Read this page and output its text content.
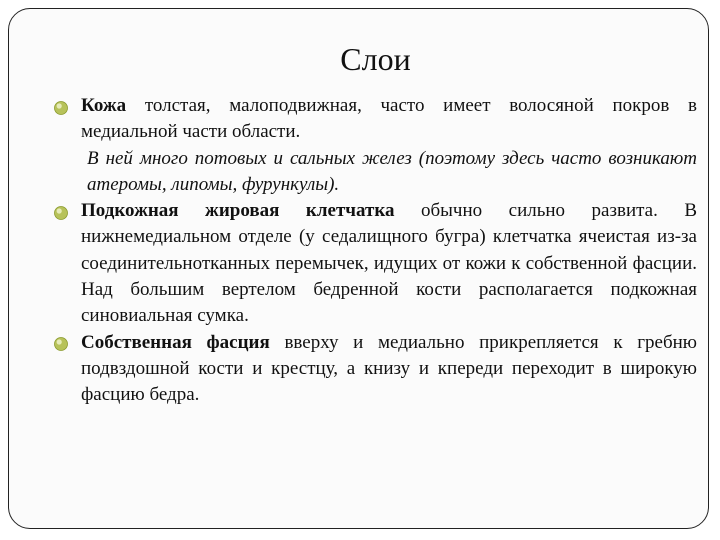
Слои
Кожа толстая, малоподвижная, часто имеет волосяной покров в медиальной части области.
В ней много потовых и сальных желез (поэтому здесь часто возникают атеромы, липомы, фурункулы).
Подкожная жировая клетчатка обычно сильно развита. В нижнемедиальном отделе (у седалищного бугра) клетчатка ячеистая из-за соединительнотканных перемычек, идущих от кожи к собственной фасции. Над большим вертелом бедренной кости располагается подкожная синовиальная сумка.
Собственная фасция вверху и медиально прикрепляется к гребню подвздошной кости и крестцу, а книзу и кпереди переходит в широкую фасцию бедра.
